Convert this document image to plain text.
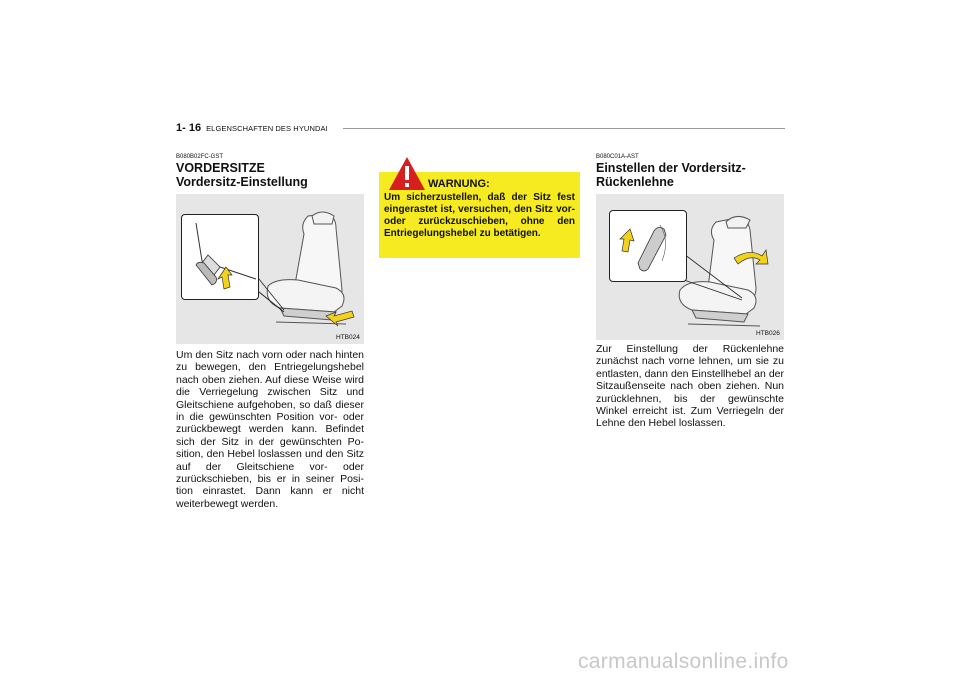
1- 16 ELGENSCHAFTEN DES HYUNDAI
B080B02FC-GST
VORDERSITZE
Vordersitz-Einstellung
HTB024
Um den Sitz nach vorn oder nach hinten zu bewegen, den Entriegelungshebel nach oben ziehen. Auf diese Weise wird die Verriegelung zwischen Sitz und Gleitschiene aufgehoben, so daß dieser in die gewünschten Position vor- oder zurückbewegt werden kann. Befindet sich der Sitz in der gewünschten Po-sition, den Hebel loslassen und den Sitz auf der Gleitschiene vor- oder zurückschieben, bis er in seiner Posi-tion einrastet. Dann kann er nicht weiterbewegt werden.
WARNUNG:
Um sicherzustellen, daß der Sitz fest eingerastet ist, versuchen, den Sitz vor- oder zurückzuschieben, ohne den Entriegelungshebel zu betätigen.
B080C01A-AST
Einstellen der Vordersitz-
Rückenlehne
HTB026
Zur Einstellung der Rückenlehne zunächst nach vorne lehnen, um sie zu entlasten, dann den Einstellhebel an der Sitzaußenseite nach oben ziehen. Nun zurücklehnen, bis der gewünschte Winkel erreicht ist. Zum Verriegeln der Lehne den Hebel loslassen.
carmanualsonline.info
